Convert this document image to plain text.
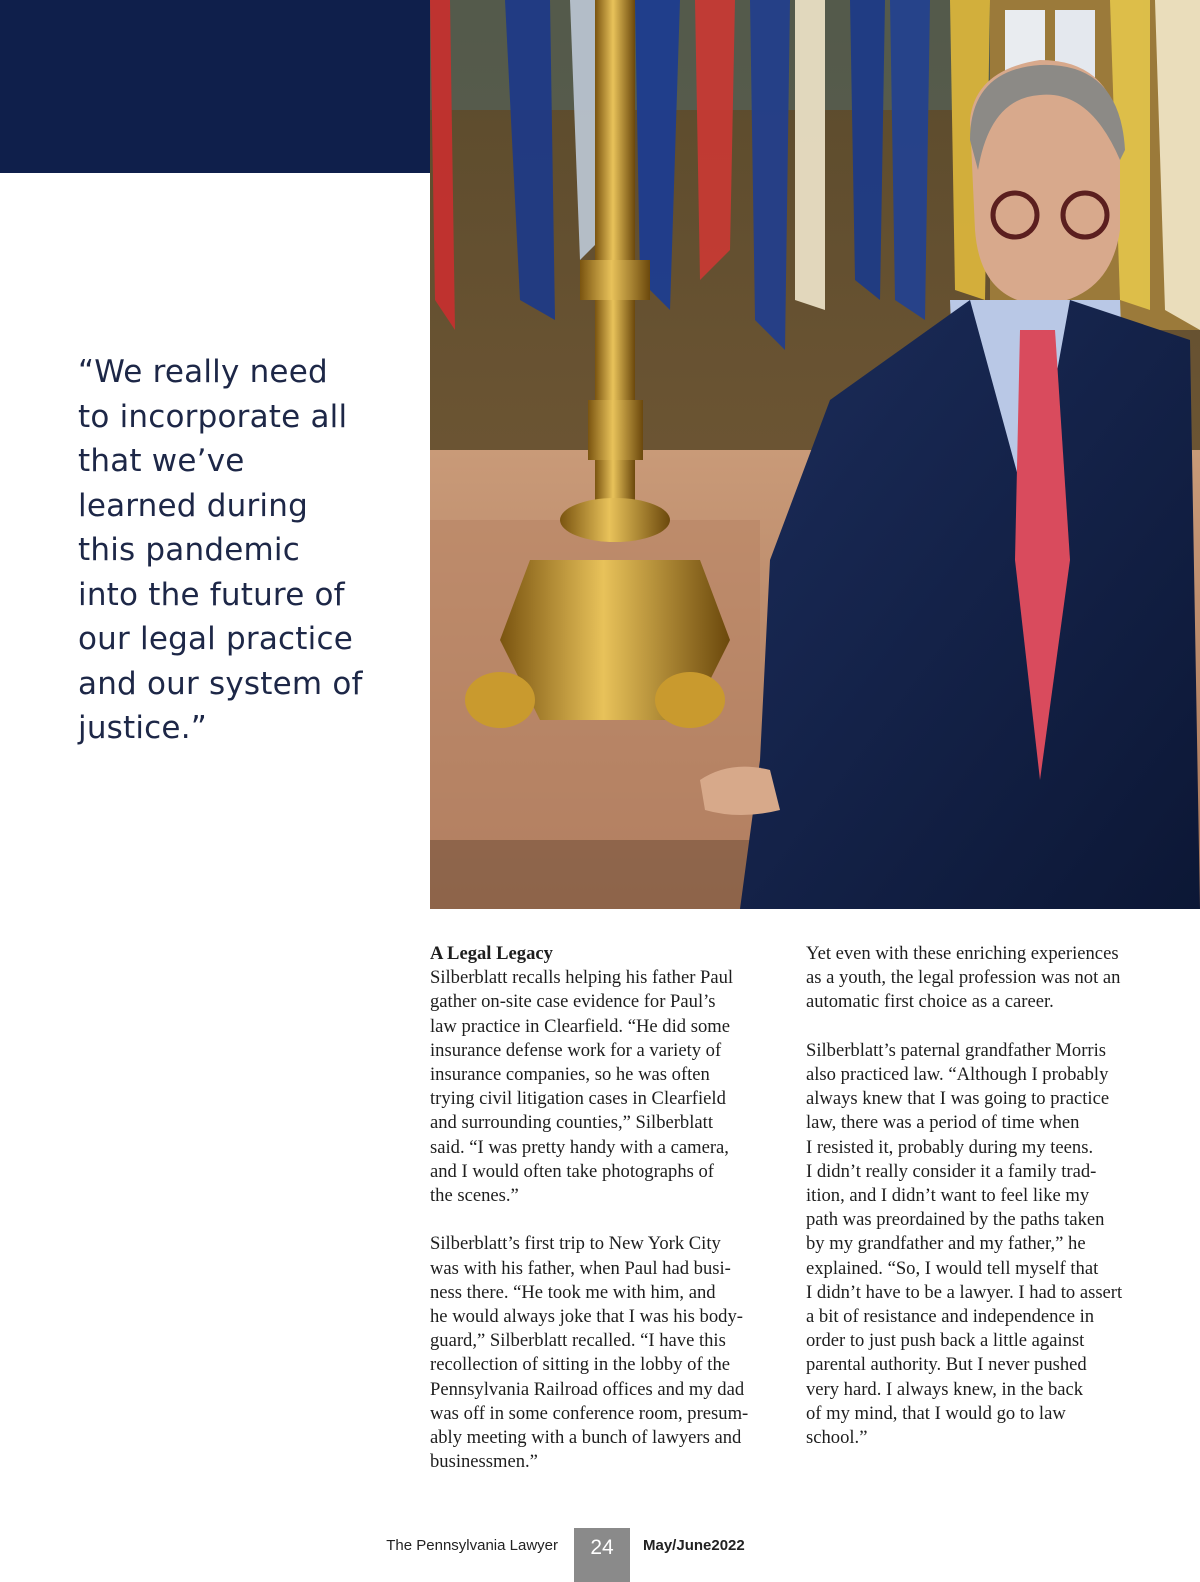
“We really need
to incorporate all
that we’ve
learned during
this pandemic
into the future of
our legal practice
and our system of
justice.”

A Legal Legacy
Silberblatt recalls helping his father Paul
gather on-site case evidence for Paul’s
law practice in Clearfield. “He did some
insurance defense work for a variety of
insurance companies, so he was often
trying civil litigation cases in Clearfield
and surrounding counties,” Silberblatt
said. “I was pretty handy with a camera,
and I would often take photographs of
the scenes.”
Silberblatt’s first trip to New York City
was with his father, when Paul had busi-
ness there. “He took me with him, and
he would always joke that I was his body-
guard,” Silberblatt recalled. “I have this
recollection of sitting in the lobby of the
Pennsylvania Railroad offices and my dad
was off in some conference room, presum-
ably meeting with a bunch of lawyers and
businessmen.”
Yet even with these enriching experiences
as a youth, the legal profession was not an
automatic first choice as a career.
Silberblatt’s paternal grandfather Morris
also practiced law. “Although I probably
always knew that I was going to practice
law, there was a period of time when
I resisted it, probably during my teens.
I didn’t really consider it a family trad-
ition, and I didn’t want to feel like my
path was preordained by the paths taken
by my grandfather and my father,” he
explained. “So, I would tell myself that
I didn’t have to be a lawyer. I had to assert
a bit of resistance and independence in
order to just push back a little against
parental authority. But I never pushed
very hard. I always knew, in the back
of my mind, that I would go to law
school.”
The Pennsylvania Lawyer	24	May/June2022
